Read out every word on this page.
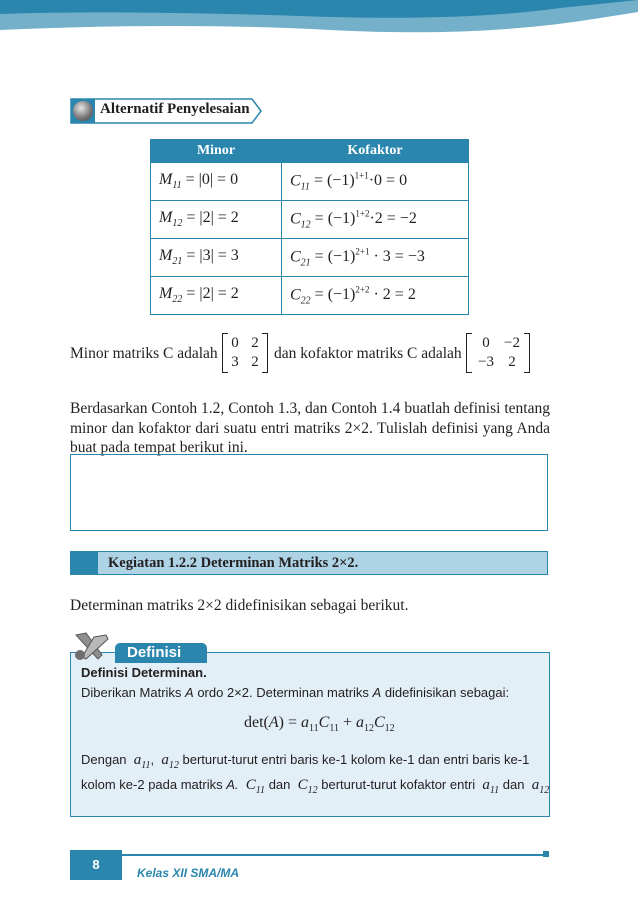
Alternatif Penyelesaian
Minor	Kofaktor
$M_{11} = |0| = 0$	$C_{11} = (-1)^{1+1}\cdot 0 = 0$
$M_{12} = |2| = 2$	$C_{12} = (-1)^{1+2}\cdot 2 = -2$
$M_{21} = |3| = 3$	$C_{21} = (-1)^{2+1} \cdot 3 = -3$
$M_{22} = |2| = 2$	$C_{22} = (-1)^{2+2} \cdot 2 = 2$
Minor matriks C adalah
0 2
3 2 dan kofaktor matriks C adalah
0 −2
−3 2
Berdasarkan Contoh 1.2, Contoh 1.3, dan Contoh 1.4 buatlah definisi tentang minor dan kofaktor dari suatu entri matriks 2×2. Tulislah definisi yang Anda buat pada tempat berikut ini.
Kegiatan 1.2.2 Determinan Matriks 2×2.
Determinan matriks 2×2 didefinisikan sebagai berikut.
Definisi
Definisi Determinan.
Diberikan Matriks A ordo 2×2. Determinan matriks A didefinisikan sebagai:
$\det(A) = a_{11}C_{11} + a_{12}C_{12}$
Dengan $a_{11}$,  $a_{12}$ berturut-turut entri baris ke-1 kolom ke-1 dan entri baris ke-1
kolom ke-2 pada matriks A. $C_{11}$ dan $C_{12}$ berturut-turut kofaktor entri $a_{11}$ dan $a_{12}$
8
Kelas XII SMA/MA
